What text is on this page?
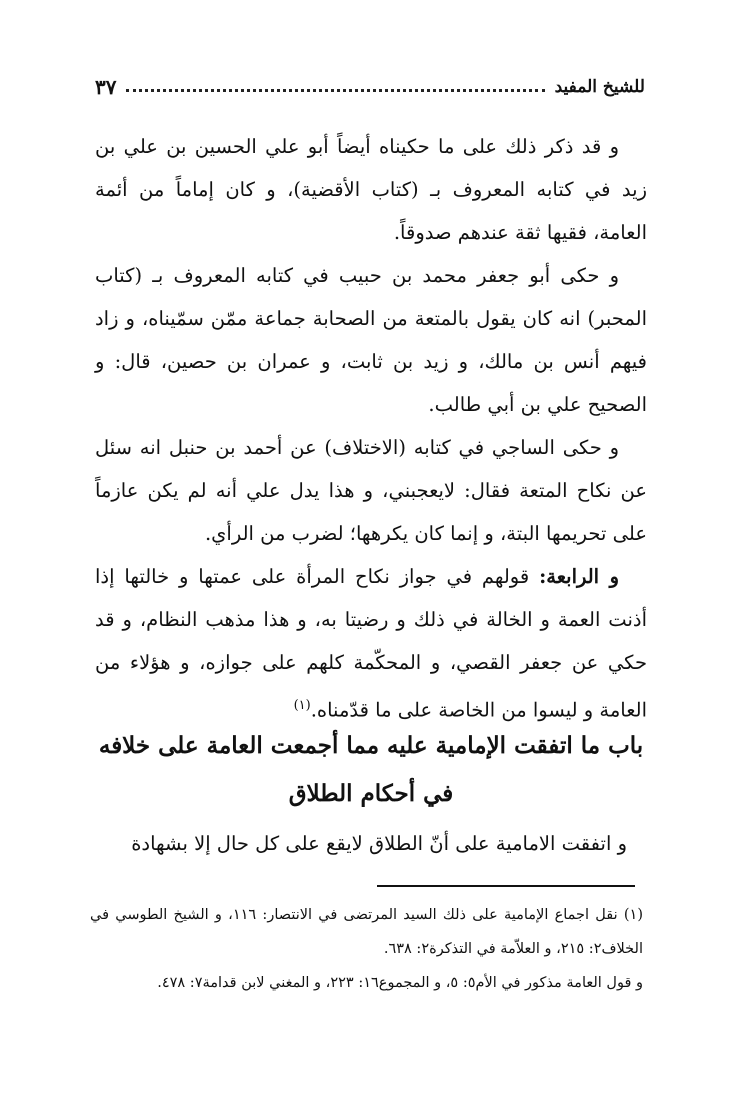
للشيخ المفيد
٣٧

و قد ذكر ذلك على ما حكيناه أيضاً أبو علي الحسين بن علي بن زيد في كتابه المعروف بـ (كتاب الأقضية)، و كان إماماً من أئمة العامة، فقيها ثقة عندهم صدوقاً.

و حكى أبو جعفر محمد بن حبيب في كتابه المعروف بـ (كتاب المحبر) انه كان يقول بالمتعة من الصحابة جماعة ممّن سمّيناه، و زاد فيهم أنس بن مالك، و زيد بن ثابت، و عمران بن حصين، قال: و الصحيح علي بن أبي طالب.

و حكى الساجي في كتابه (الاختلاف) عن أحمد بن حنبل انه سئل عن نكاح المتعة فقال: لايعجبني، و هذا يدل علي أنه لم يكن عازماً على تحريمها البتة، و إنما كان يكرهها؛ لضرب من الرأي.

و الرابعة: قولهم في جواز نكاح المرأة على عمتها و خالتها إذا أذنت العمة و الخالة في ذلك و رضيتا به، و هذا مذهب النظام، و قد حكي عن جعفر القصي، و المحكّمة كلهم على جوازه، و هؤلاء من العامة و ليسوا من الخاصة على ما قدّمناه.$^{(١)}$

باب ما اتفقت الإمامية عليه مما أجمعت العامة على خلافه
في أحكام الطلاق
و اتفقت الامامية على أنّ الطلاق لايقع على كل حال إلا بشهادة

(١) نقل اجماع الإمامية على ذلك السيد المرتضى في الانتصار: ١١٦، و الشيخ الطوسي في الخلاف٢: ٢١٥، و العلاّمة في التذكرة٢: ٦٣٨.

و قول العامة مذكور في الأم٥: ٥، و المجموع١٦: ٢٢٣، و المغني لابن قدامة٧: ٤٧٨.
